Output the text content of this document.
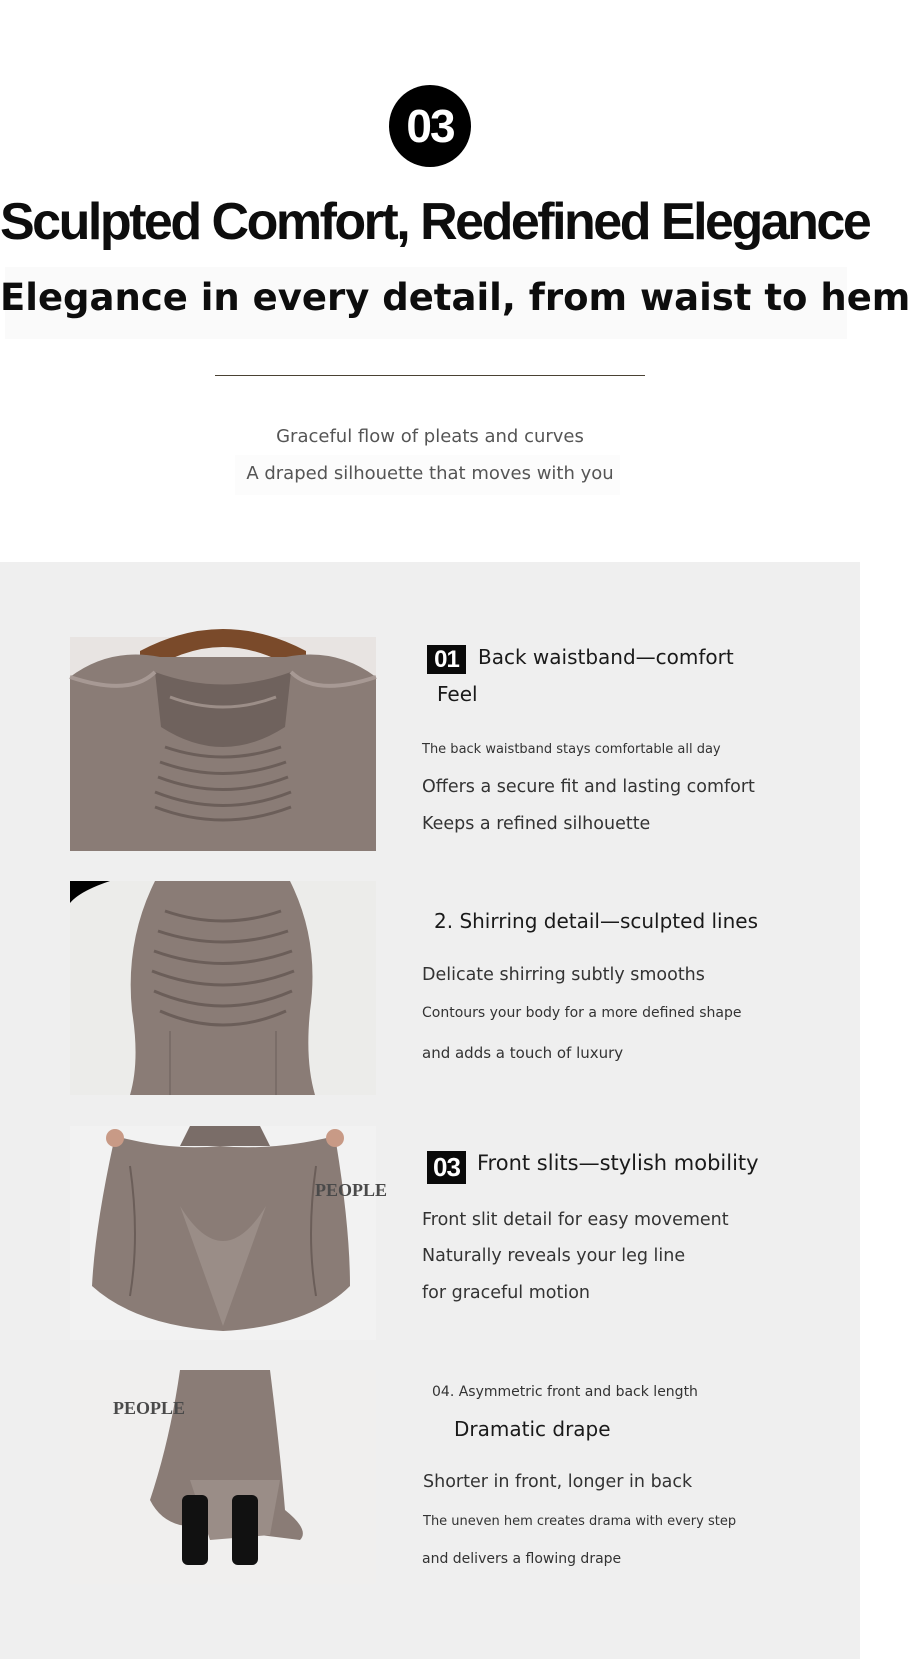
03
Sculpted Comfort, Redefined Elegance
Elegance in every detail, from waist to hem

Graceful flow of pleats and curves

A draped silhouette that moves with you

01 Back waistband—comfort
Feel
The back waistband stays comfortable all day
Offers a secure fit and lasting comfort
Keeps a refined silhouette
2. Shirring detail—sculpted lines
Delicate shirring subtly smooths
Contours your body for a more defined shape
and adds a touch of luxury
PEOPLE
03 Front slits—stylish mobility
Front slit detail for easy movement
Naturally reveals your leg line
for graceful motion
PEOPLE
04. Asymmetric front and back length
Dramatic drape
Shorter in front, longer in back
The uneven hem creates drama with every step
and delivers a flowing drape
